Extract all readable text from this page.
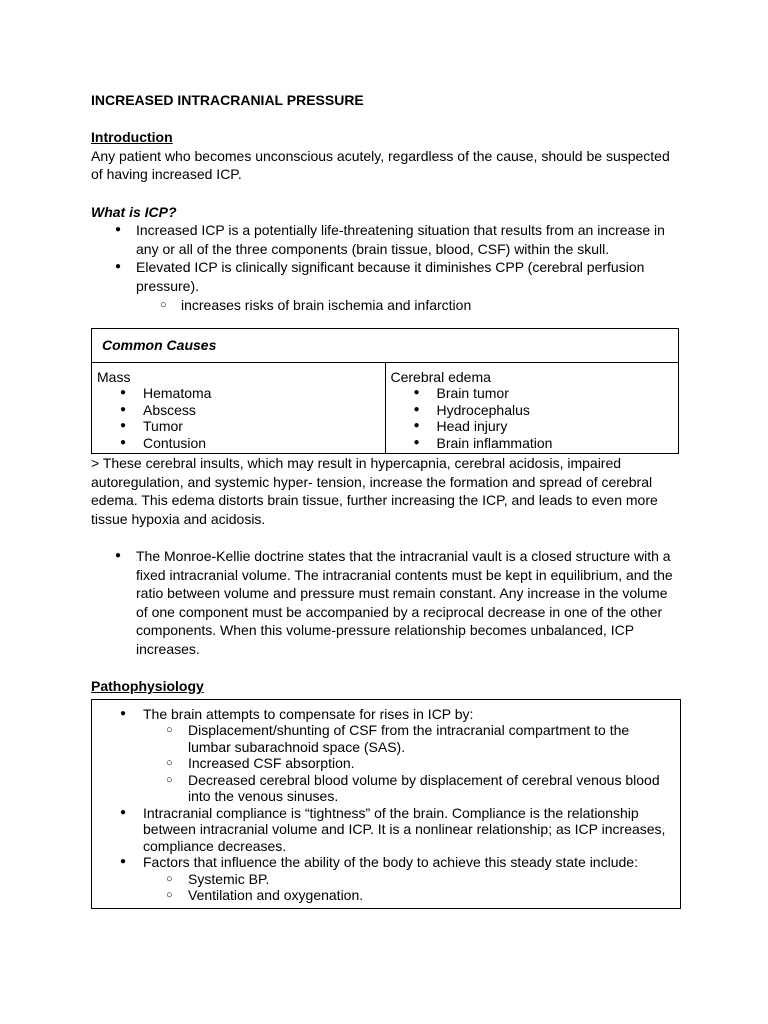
INCREASED INTRACRANIAL PRESSURE

Introduction

Any patient who becomes unconscious acutely, regardless of the cause, should be suspected of having increased ICP.

What is ICP?

● Increased ICP is a potentially life-threatening situation that results from an increase in any or all of the three components (brain tissue, blood, CSF) within the skull.
● Elevated ICP is clinically significant because it diminishes CPP (cerebral perfusion pressure).
○ increases risks of brain ischemia and infarction
Common Causes

Mass
● Hematoma
● Abscess
● Tumor
● Contusion

Cerebral edema
● Brain tumor
● Hydrocephalus
● Head injury
● Brain inflammation

> These cerebral insults, which may result in hypercapnia, cerebral acidosis, impaired autoregulation, and systemic hyper- tension, increase the formation and spread of cerebral edema. This edema distorts brain tissue, further increasing the ICP, and leads to even more tissue hypoxia and acidosis.

● The Monroe-Kellie doctrine states that the intracranial vault is a closed structure with a fixed intracranial volume. The intracranial contents must be kept in equilibrium, and the ratio between volume and pressure must remain constant. Any increase in the volume of one component must be accompanied by a reciprocal decrease in one of the other components. When this volume-pressure relationship becomes unbalanced, ICP increases.

Pathophysiology

● The brain attempts to compensate for rises in ICP by:
○ Displacement/shunting of CSF from the intracranial compartment to the lumbar subarachnoid space (SAS).
○ Increased CSF absorption.
○ Decreased cerebral blood volume by displacement of cerebral venous blood into the venous sinuses.
● Intracranial compliance is “tightness” of the brain. Compliance is the relationship between intracranial volume and ICP. It is a nonlinear relationship; as ICP increases, compliance decreases.
● Factors that influence the ability of the body to achieve this steady state include:
○ Systemic BP.
○ Ventilation and oxygenation.
